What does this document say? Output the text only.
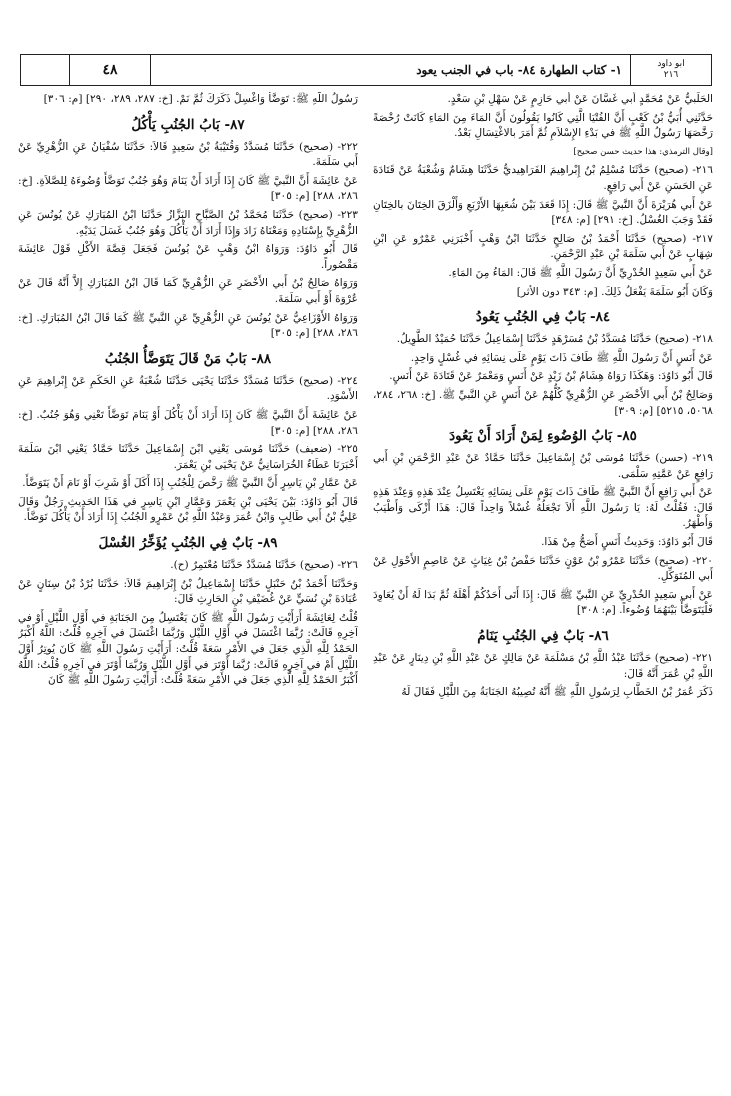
ابو داود
٢١٦
١- كتاب الطهارة ٨٤- باب في الجنب يعود
٤٨

الحَلَبيُّ عَنْ مُحَمَّدٍ أَبي غَسَّانَ عَنْ أَبي حَازِمٍ عَنْ سَهْلِ بْنِ سَعْدٍ.

حَدَّثَنِي أُبَيُّ بْنُ كَعْبٍ أَنَّ الفُتْيَا الَّتِي كَانُوا يَقُولُونَ أَنَّ المَاءَ مِنَ المَاءِ كَانَتْ رُخْصَةً رَخَّصَهَا رَسُولُ اللَّهِ ﷺ في بَدْءِ الإِسْلاَمِ ثُمَّ أَمَرَ بالاغْتِسَالِ بَعْدُ.

[وقال الترمذي: هذا حديث حسن صحيح]

٢١٦- (صحيح) حَدَّثَنَا مُسْلِمُ بْنُ إِبْراهِيمَ الفَرَاهِيديُّ حَدَّثَنَا هِشَامٌ وَشُعْبَةُ عَنْ قَتَادَةَ عَنِ الحَسَنِ عَنْ أَبي رَافِعٍ.

عَنْ أَبي هُرَيْرَةَ أَنَّ النَّبيَّ ﷺ قَالَ: إِذَا قَعَدَ بَيْنَ شُعَبِهَا الأَرْبَعِ وَأَلْزَقَ الخِتَانَ بالخِتَانِ فَقَدْ وَجَبَ الغُسْلُ. [خ: ٢٩١] [م: ٣٤٨]

٢١٧- (صحيح) حَدَّثَنَا أَحْمَدُ بْنُ صَالِحٍ حَدَّثَنَا ابْنُ وَهْبٍ أَخْبَرَنِي عَمْرٌو عَنِ ابْنِ شِهَابٍ عَنْ أَبي سَلَمَةَ بْنِ عَبْدِ الرَّحْمَنِ.

عَنْ أَبي سَعِيدٍ الخُدْرِيِّ أَنَّ رَسُولَ اللَّهِ ﷺ قَالَ: المَاءُ مِنَ المَاءِ.

وَكَانَ أَبُو سَلَمَةَ يَفْعَلُ ذَلِكَ. [م: ٣٤٣ دون الأثر]

٨٤- بَابٌ فِي الجُنُبِ يَعُودُ

٢١٨- (صحيح) حَدَّثَنَا مُسَدَّدُ بْنُ مُسَرْهَدٍ حَدَّثَنَا إِسْمَاعِيلُ حَدَّثَنَا حُمَيْدٌ الطَّوِيلُ.

عَنْ أَنَسٍ أَنَّ رَسُولَ اللَّهِ ﷺ طَافَ ذَاتَ يَوْمٍ عَلَى نِسَائِهِ في غُسْلٍ وَاحِدٍ.

قَالَ أَبُو دَاوُدَ: وَهَكَذَا رَوَاهُ هِشَامُ بْنُ زَيْدٍ عَنْ أَنَسٍ وَمَعْمَرٌ عَنْ قَتَادَةَ عَنْ أَنَسٍ.

وَصَالِحُ بْنُ أَبي الأَخْضَرِ عَنِ الزُّهْرِيِّ كُلُّهُمْ عَنْ أَنَسٍ عَنِ النَّبيِّ ﷺ. [خ: ٢٦٨، ٢٨٤، ٥٠٦٨، ٥٢١٥] [م: ٣٠٩]

٨٥- بَابُ الوُضُوءِ لِمَنْ أَرَادَ أَنْ يَعُودَ

٢١٩- (حسن) حَدَّثَنَا مُوسَى بْنُ إِسْمَاعِيلَ حَدَّثَنَا حَمَّادٌ عَنْ عَبْدِ الرَّحْمَنِ بْنِ أَبي رَافِعٍ عَنْ عَمَّتِهِ سَلْمَى.

عَنْ أَبي رَافِعٍ أَنَّ النَّبيَّ ﷺ طَافَ ذَاتَ يَوْمٍ عَلَى نِسَائِهِ يَغْتَسِلُ عِنْدَ هَذِهِ وَعِنْدَ هَذِهِ قَالَ: فَقُلْتُ لَهُ: يَا رَسُولَ اللَّهِ أَلاَ تَجْعَلُهُ غُسْلاً وَاحِداً قَالَ: هَذَا أَزْكَى وَأَطْيَبُ وَأَطْهَرُ.

قَالَ أَبُو دَاوُدَ: وَحَدِيثُ أَنَسٍ أَصَحُّ مِنْ هَذَا.

٢٢٠- (صحيح) حَدَّثَنَا عَمْرُو بْنُ عَوْنٍ حَدَّثَنَا حَفْصُ بْنُ غِيَاثٍ عَنْ عَاصِمٍ الأَحْوَلِ عَنْ أَبي المُتَوَكِّلِ.

عَنْ أَبي سَعِيدٍ الخُدْرِيِّ عَنِ النَّبيِّ ﷺ قَالَ: إِذَا أَتَى أَحَدُكُمْ أَهْلَهُ ثُمَّ بَدَا لَهُ أَنْ يُعَاوِدَ فَلْيَتَوَضَّأْ بَيْنَهُمَا وُضُوءاً. [م: ٣٠٨]

٨٦- بَابٌ فِي الجُنُبِ يَنَامُ

٢٢١- (صحيح) حَدَّثَنَا عَبْدُ اللَّهِ بْنُ مَسْلَمَةَ عَنْ مَالِكٍ عَنْ عَبْدِ اللَّهِ بْنِ دِينَارٍ عَنْ عَبْدِ اللَّهِ بْنِ عُمَرَ أَنَّهُ قَالَ:

ذَكَرَ عُمَرُ بْنُ الخَطَّابِ لِرَسُولِ اللَّهِ ﷺ أَنَّهُ تُصِيبُهُ الجَنَابَةُ مِنَ اللَّيْلِ فَقَالَ لَهُ

رَسُولُ اللَّهِ ﷺ: تَوَضَّأْ وَاغْسِلْ ذَكَرَكَ ثُمَّ نَمْ. [خ: ٢٨٧، ٢٨٩، ٢٩٠] [م: ٣٠٦]

٨٧- بَابُ الجُنُبِ يَأْكُلُ

٢٢٢- (صحيح) حَدَّثَنَا مُسَدَّدٌ وَقُتَيْبَةُ بْنُ سَعِيدٍ قَالاَ: حَدَّثَنَا سُفْيَانُ عَنِ الزُّهْرِيِّ عَنْ أَبي سَلَمَةَ.

عَنْ عَائِشَةَ أَنَّ النَّبيَّ ﷺ كَانَ إِذَا أَرَادَ أَنْ يَنَامَ وَهُوَ جُنُبٌ تَوَضَّأَ وُضُوءَهُ لِلصَّلاَةِ. [خ: ٢٨٦، ٢٨٨] [م: ٣٠٥]

٢٢٣- (صحيح) حَدَّثَنَا مُحَمَّدُ بْنُ الصَّبَّاحِ البَزَّازُ حَدَّثَنَا ابْنُ المُبَارَكِ عَنْ يُونُسَ عَنِ الزُّهْرِيِّ بِإِسْنَادِهِ وَمَعْنَاهُ زَادَ وَإِذَا أَرَادَ أَنْ يَأْكُلَ وَهُوَ جُنُبٌ غَسَلَ يَدَيْهِ.

قَالَ أَبُو دَاوُدَ: وَرَوَاهُ ابْنُ وَهْبٍ عَنْ يُونُسَ فَجَعَلَ قِصَّةَ الأَكْلِ قَوْلَ عَائِشَةَ مَقْصُوراً.

وَرَوَاهُ صَالِحُ بْنُ أَبي الأَخْضَرِ عَنِ الزُّهْرِيِّ كَمَا قَالَ ابْنُ المُبَارَكِ إِلاَّ أَنَّهُ قَالَ عَنْ عُرْوَةَ أَوْ أَبي سَلَمَةَ.

وَرَوَاهُ الأَوْزَاعِيُّ عَنْ يُونُسَ عَنِ الزُّهْرِيِّ عَنِ النَّبيِّ ﷺ كَمَا قَالَ ابْنُ المُبَارَكِ. [خ: ٢٨٦، ٢٨٨] [م: ٣٠٥]

٨٨- بَابُ مَنْ قَالَ يَتَوَضَّأُ الجُنُبُ

٢٢٤- (صحيح) حَدَّثَنَا مُسَدَّدٌ حَدَّثَنَا يَحْيَى حَدَّثَنَا شُعْبَةُ عَنِ الحَكَمِ عَنْ إِبْراهِيمَ عَنِ الأَسْوَدِ.

عَنْ عَائِشَةَ أَنَّ النَّبيَّ ﷺ كَانَ إِذَا أَرَادَ أَنْ يَأْكُلَ أَوْ يَنَامَ تَوَضَّأَ تَعْنِي وَهُوَ جُنُبٌ. [خ: ٢٨٦، ٢٨٨] [م: ٣٠٥]

٢٢٥- (ضعيف) حَدَّثَنَا مُوسَى يَعْنِي ابْنَ إِسْمَاعِيلَ حَدَّثَنَا حَمَّادٌ يَعْنِي ابْنَ سَلَمَةَ أَخْبَرَنَا عَطَاءٌ الخُرَاسَانِيُّ عَنْ يَحْيَى بْنِ يَعْمَرَ.

عَنْ عَمَّارِ بْنِ يَاسِرٍ أَنَّ النَّبيَّ ﷺ رَخَّصَ لِلْجُنُبِ إِذَا أَكَلَ أَوْ شَرِبَ أَوْ نَامَ أَنْ يَتَوَضَّأَ.

قَالَ أَبُو دَاوُدَ: بَيْنَ يَحْيَى بْنِ يَعْمَرَ وَعَمَّارِ ابْنِ يَاسِرٍ في هَذَا الحَدِيثِ رَجُلٌ وَقَالَ عَلِيُّ بْنُ أَبي طَالِبٍ وَابْنُ عُمَرَ وَعَبْدُ اللَّهِ بْنُ عَمْرٍو الجُنُبُ إِذَا أَرَادَ أَنْ يَأْكُلَ تَوَضَّأَ.

٨٩- بَابٌ فِي الجُنُبِ يُؤَخِّرُ الغُسْلَ

٢٢٦- (صحيح) حَدَّثَنَا مُسَدَّدٌ حَدَّثَنَا مُعْتَمِرٌ (ح).

وَحَدَّثَنَا أَحْمَدُ بْنُ حَنْبَلٍ حَدَّثَنَا إِسْمَاعِيلُ بْنُ إِبْرَاهِيمَ قَالاَ: حَدَّثَنَا بُرْدُ بْنُ سِنَانٍ عَنْ عُبَادَةَ بْنِ نُسَيٍّ عَنْ غُضَيْفِ بْنِ الحَارِثِ قَالَ:

قُلْتُ لِعَائِشَةَ أَرَأَيْتِ رَسُولَ اللَّهِ ﷺ كَانَ يَغْتَسِلُ مِنَ الجَنَابَةِ في أَوَّلِ اللَّيْلِ أَوْ في آخِرِهِ قَالَتْ: رُبَّمَا اغْتَسَلَ في أَوَّلِ اللَّيْلِ وَرُبَّمَا اغْتَسَلَ في آخِرِهِ قُلْتُ: اللَّهُ أَكْبَرُ الحَمْدُ لِلَّهِ الَّذِي جَعَلَ في الأَمْرِ سَعَةً قُلْتُ: أَرَأَيْتِ رَسُولَ اللَّهِ ﷺ كَانَ يُوتِرُ أَوَّلَ اللَّيْلِ أَمْ في آخِرِهِ قَالَتْ: رُبَّمَا أَوْتَرَ في أَوَّلِ اللَّيْلِ وَرُبَّمَا أَوْتَرَ في آخِرِهِ قُلْتُ: اللَّهُ أَكْبَرُ الحَمْدُ لِلَّهِ الَّذِي جَعَلَ في الأَمْرِ سَعَةً قُلْتُ: أَرَأَيْتِ رَسُولَ اللَّهِ ﷺ كَانَ
